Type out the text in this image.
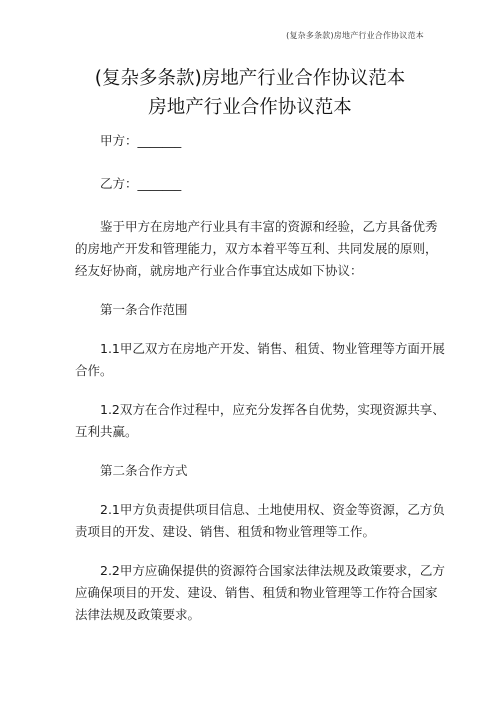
(复杂多条款)房地产行业合作协议范本
(复杂多条款)房地产行业合作协议范本
房地产行业合作协议范本
甲方：_______
乙方：_______
鉴于甲方在房地产行业具有丰富的资源和经验，乙方具备优秀
的房地产开发和管理能力，双方本着平等互利、共同发展的原则，
经友好协商，就房地产行业合作事宜达成如下协议：
第一条合作范围
1.1甲乙双方在房地产开发、销售、租赁、物业管理等方面开展
合作。
1.2双方在合作过程中，应充分发挥各自优势，实现资源共享、
互利共赢。
第二条合作方式
2.1甲方负责提供项目信息、土地使用权、资金等资源，乙方负
责项目的开发、建设、销售、租赁和物业管理等工作。
2.2甲方应确保提供的资源符合国家法律法规及政策要求，乙方
应确保项目的开发、建设、销售、租赁和物业管理等工作符合国家
法律法规及政策要求。
